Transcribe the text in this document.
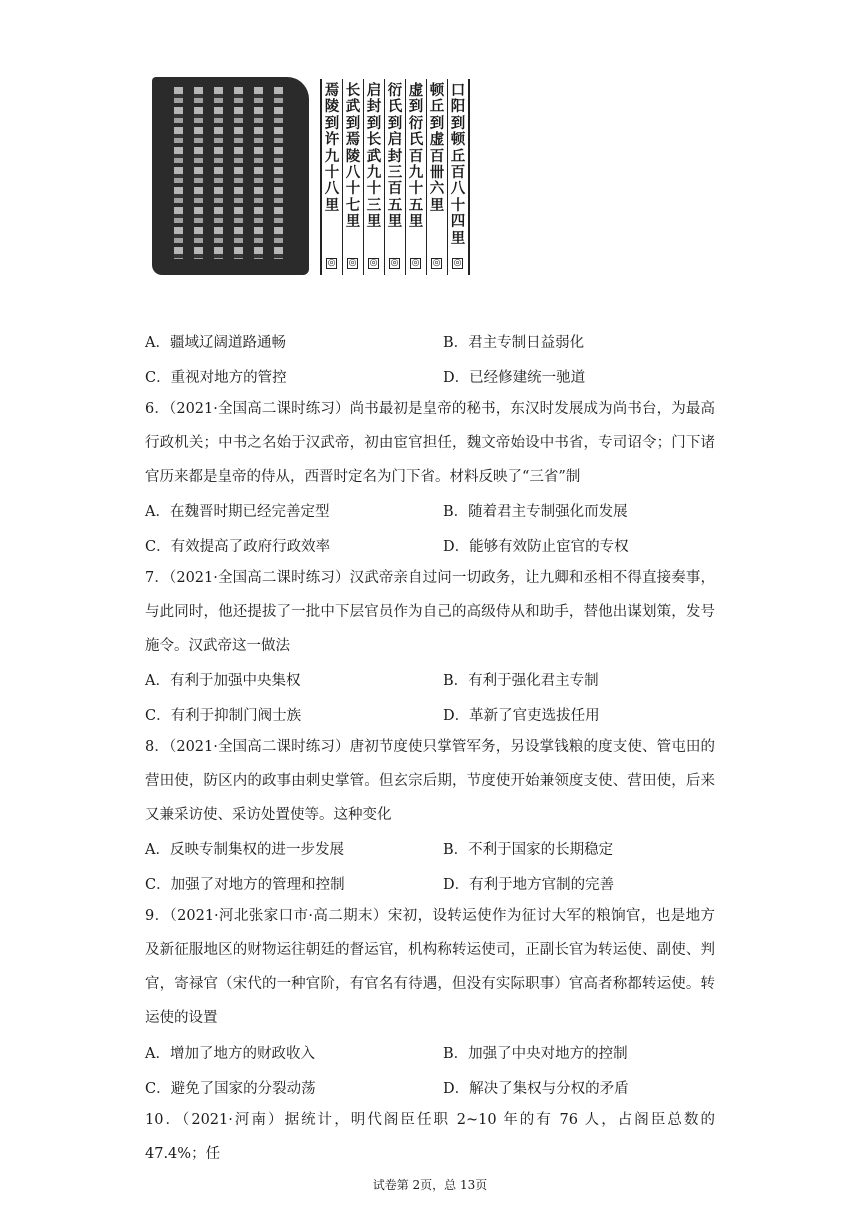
焉陵到许九十八里
◎
长武到焉陵八十七里
◎
启封到长武九十三里
◎
衍氏到启封三百五里
◎
虚到衍氏百九十五里
◎
顿丘到虚百卌六里
◎
口阳到顿丘百八十四里
◎
A．疆域辽阔道路通畅	B．君主专制日益弱化
C．重视对地方的管控	D．已经修建统一驰道
6．（2021·全国高二课时练习）尚书最初是皇帝的秘书，东汉时发展成为尚书台，为最高行政机关；中书之名始于汉武帝，初由宦官担任，魏文帝始设中书省，专司诏令；门下诸官历来都是皇帝的侍从，西晋时定名为门下省。材料反映了“三省”制
A．在魏晋时期已经完善定型	B．随着君主专制强化而发展
C．有效提高了政府行政效率	D．能够有效防止宦官的专权
7．（2021·全国高二课时练习）汉武帝亲自过问一切政务，让九卿和丞相不得直接奏事，与此同时，他还提拔了一批中下层官员作为自己的高级侍从和助手，替他出谋划策，发号施令。汉武帝这一做法
A．有利于加强中央集权	B．有利于强化君主专制
C．有利于抑制门阀士族	D．革新了官吏选拔任用
8．（2021·全国高二课时练习）唐初节度使只掌管军务，另设掌钱粮的度支使、管屯田的营田使，防区内的政事由刺史掌管。但玄宗后期，节度使开始兼领度支使、营田使，后来又兼采访使、采访处置使等。这种变化
A．反映专制集权的进一步发展	B．不利于国家的长期稳定
C．加强了对地方的管理和控制	D．有利于地方官制的完善
9．（2021·河北张家口市·高二期末）宋初，设转运使作为征讨大军的粮饷官，也是地方及新征服地区的财物运往朝廷的督运官，机构称转运使司，正副长官为转运使、副使、判官，寄禄官（宋代的一种官阶，有官名有待遇，但没有实际职事）官高者称都转运使。转运使的设置
A．增加了地方的财政收入	B．加强了中央对地方的控制
C．避免了国家的分裂动荡	D．解决了集权与分权的矛盾
10．（2021·河南）据统计，明代阁臣任职 2~10 年的有 76 人，占阁臣总数的 47.4%；任
试卷第 2页，总 13页
